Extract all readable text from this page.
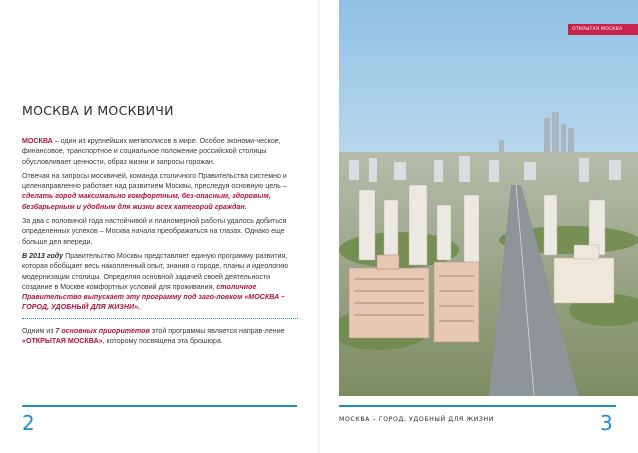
МОСКВА И МОСКВИЧИ

МОСКВА – один из крупнейших мегаполисов в мире. Особое экономи-ческое, финансовое, транспортное и социальное положение российской столицы обусловливает ценности, образ жизни и запросы горожан.

Отвечая на запросы москвичей, команда столичного Правительства системно и целенаправленно работает над развитием Москвы, преследуя основную цель – сделать город максимально комфортным, без-опасным, здоровым, безбарьерным и удобным для жизни всех категорий граждан.

За два с половиной года настойчивой и планомерной работы удалось добиться определенных успехов – Москва начала преображаться на глазах. Однако еще больше дел впереди.

В 2013 году Правительство Москвы представляет единую программу развития, которая обобщает весь накопленный опыт, знания о городе, планы и идеологию модернизации столицы. Определяя основной задачей своей деятельности создание в Москве комфортных условий для проживания, столичное Правительство выпускает эту программу под заго-ловком «МОСКВА – ГОРОД, УДОБНЫЙ ДЛЯ ЖИЗНИ».

Одним из 7 основных приоритетов этой программы является направ-ление «ОТКРЫТАЯ МОСКВА», которому посвящена эта брошюра.
2
ОТКРЫТАЯ МОСКВА
МОСКВА – ГОРОД, УДОБНЫЙ ДЛЯ ЖИЗНИ	3
